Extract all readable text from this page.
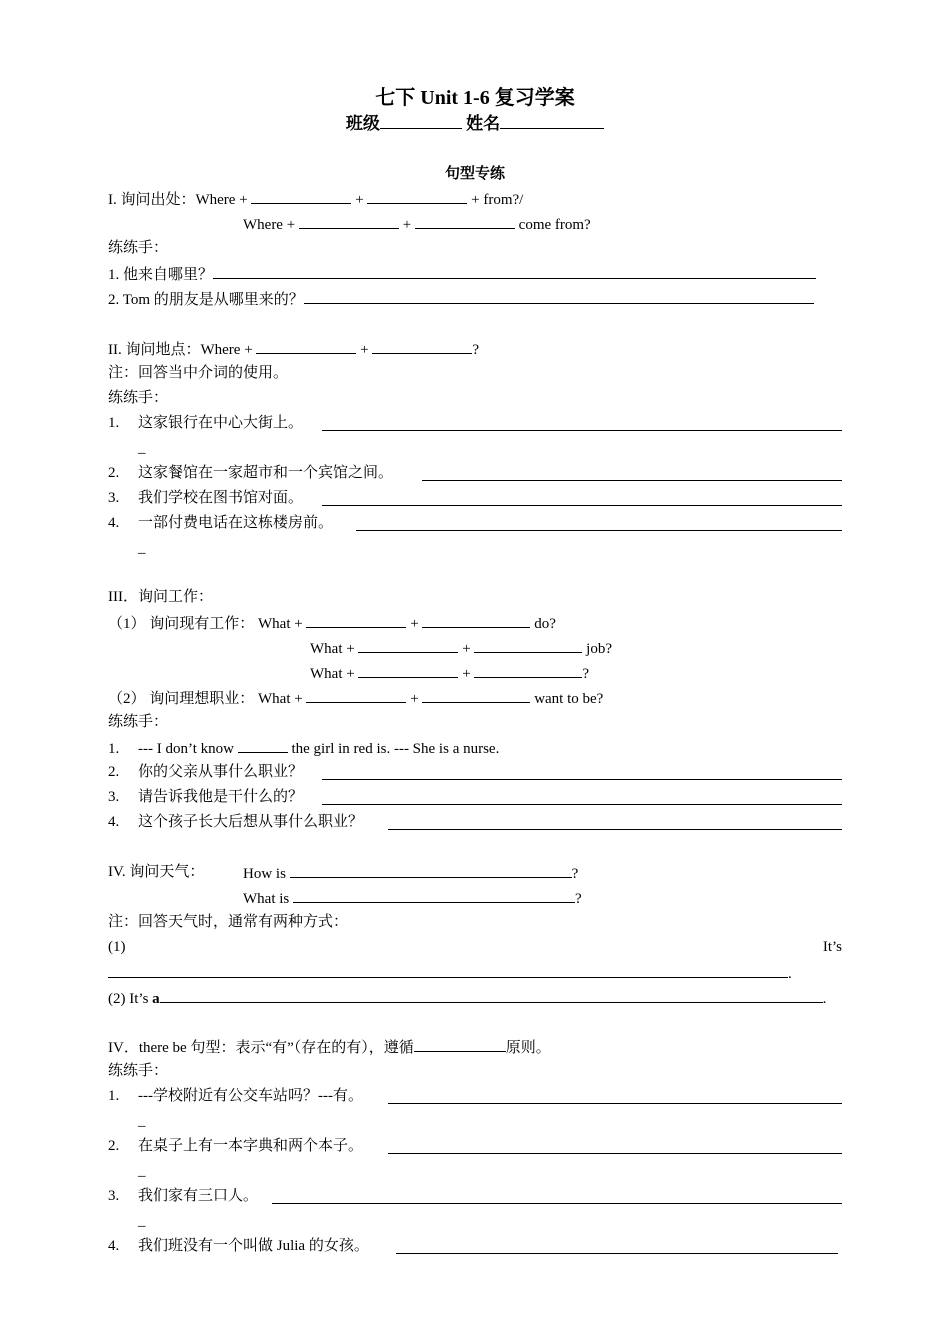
七下 Unit 1-6 复习学案
班级	姓名
句型专练
I. 询问出处：Where +	+	+ from?/
Where +	+	come from?
练练手：
1. 他来自哪里？
2. Tom 的朋友是从哪里来的？
II. 询问地点：Where +	+	?
注：回答当中介词的使用。
练练手：
1. 这家银行在中心大街上。
_
2. 这家餐馆在一家超市和一个宾馆之间。
3. 我们学校在图书馆对面。
4. 一部付费电话在这栋楼房前。
_
III．询问工作：
（1） 询问现有工作： What +	+	do?
What +	+	job?
What +	+	?
（2） 询问理想职业： What +	+	want to be?
练练手：
1. --- I don’t know	the girl in red is. --- She is a nurse.
2. 你的父亲从事什么职业？
3. 请告诉我他是干什么的？
4. 这个孩子长大后想从事什么职业？
IV. 询问天气：	How is	?
What is	?
注：回答天气时，通常有两种方式：
(1)	It’s
.
(2) It’s a	.
IV．there be 句型：表示“有”（存在的有），遵循	原则。
练练手：
1. ---学校附近有公交车站吗？---有。
_
2. 在桌子上有一本字典和两个本子。
_
3. 我们家有三口人。
_
4. 我们班没有一个叫做 Julia 的女孩。
